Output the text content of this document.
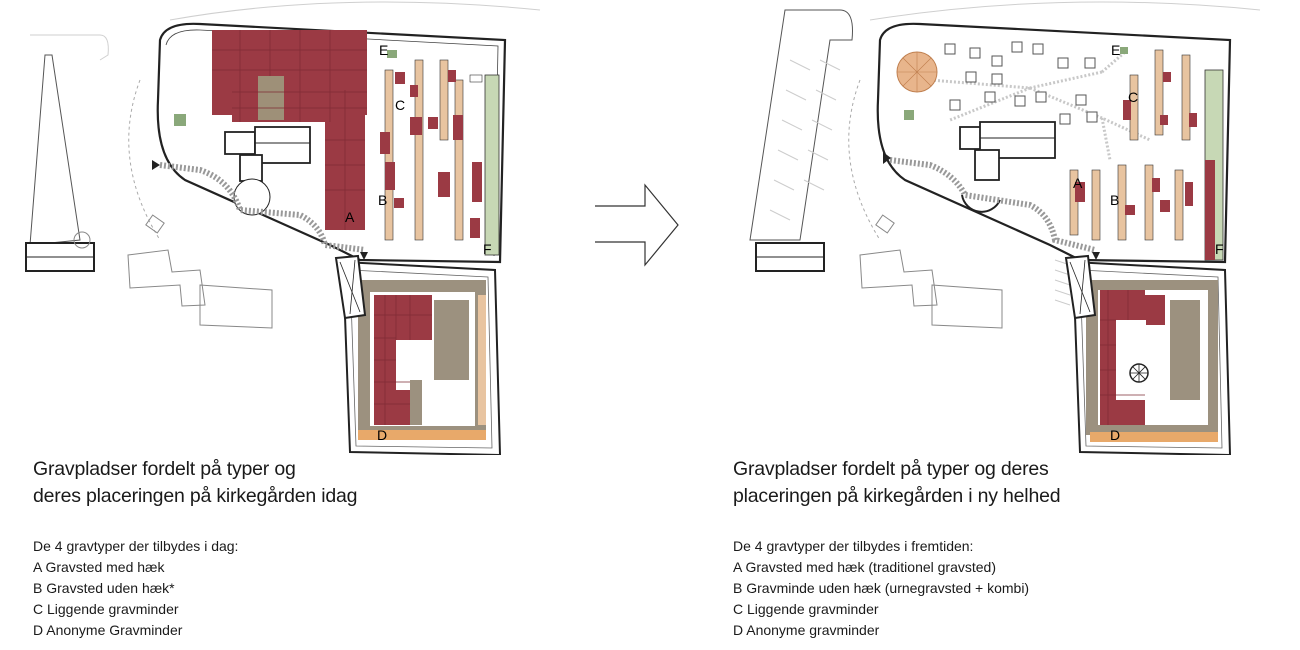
A
B
C
D
E
F
A
B
C
D
E
F
Gravpladser fordelt på typer og
deres placeringen på kirkegården idag
Gravpladser fordelt på typer og deres
placeringen på kirkegården i ny helhed
De 4 gravtyper der tilbydes i dag:
A Gravsted med hæk
B Gravsted uden hæk*
C Liggende gravminder
D Anonyme Gravminder
De 4 gravtyper der tilbydes i fremtiden:
A Gravsted med hæk (traditionel gravsted)
B Gravminde uden hæk (urnegravsted + kombi)
C Liggende gravminder
D Anonyme gravminder
